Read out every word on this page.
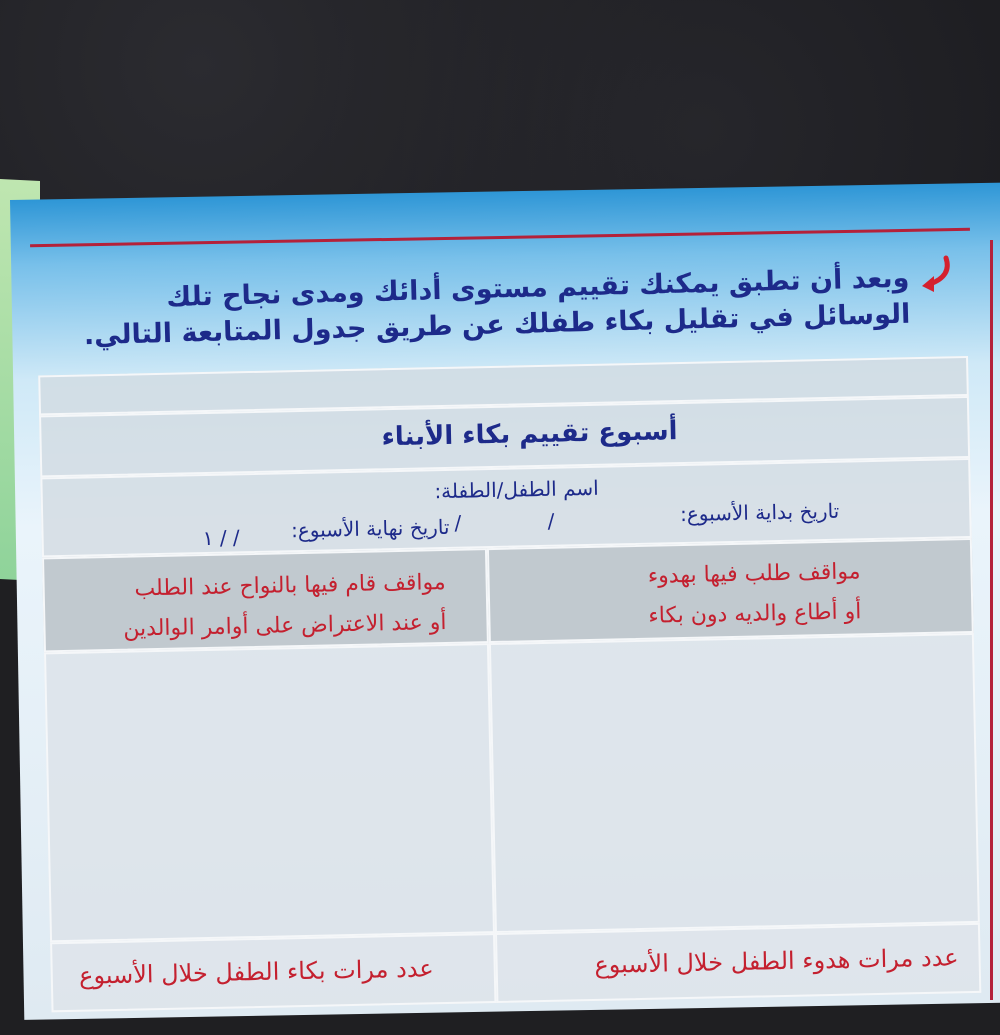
وبعد أن تطبق يمكنك تقييم مستوى أدائك ومدى نجاح تلك
الوسائل في تقليل بكاء طفلك عن طريق جدول المتابعة التالي.
أسبوع تقييم بكاء الأبناء
اسم الطفل/الطفلة:
تاريخ بداية الأسبوع:
/ /
تاريخ نهاية الأسبوع:
/ / ١
مواقف طلب فيها بهدوء
أو أطاع والديه دون بكاء
مواقف قام فيها بالنواح عند الطلب
أو عند الاعتراض على أوامر الوالدين
عدد مرات هدوء الطفل خلال الأسبوع
عدد مرات بكاء الطفل خلال الأسبوع
